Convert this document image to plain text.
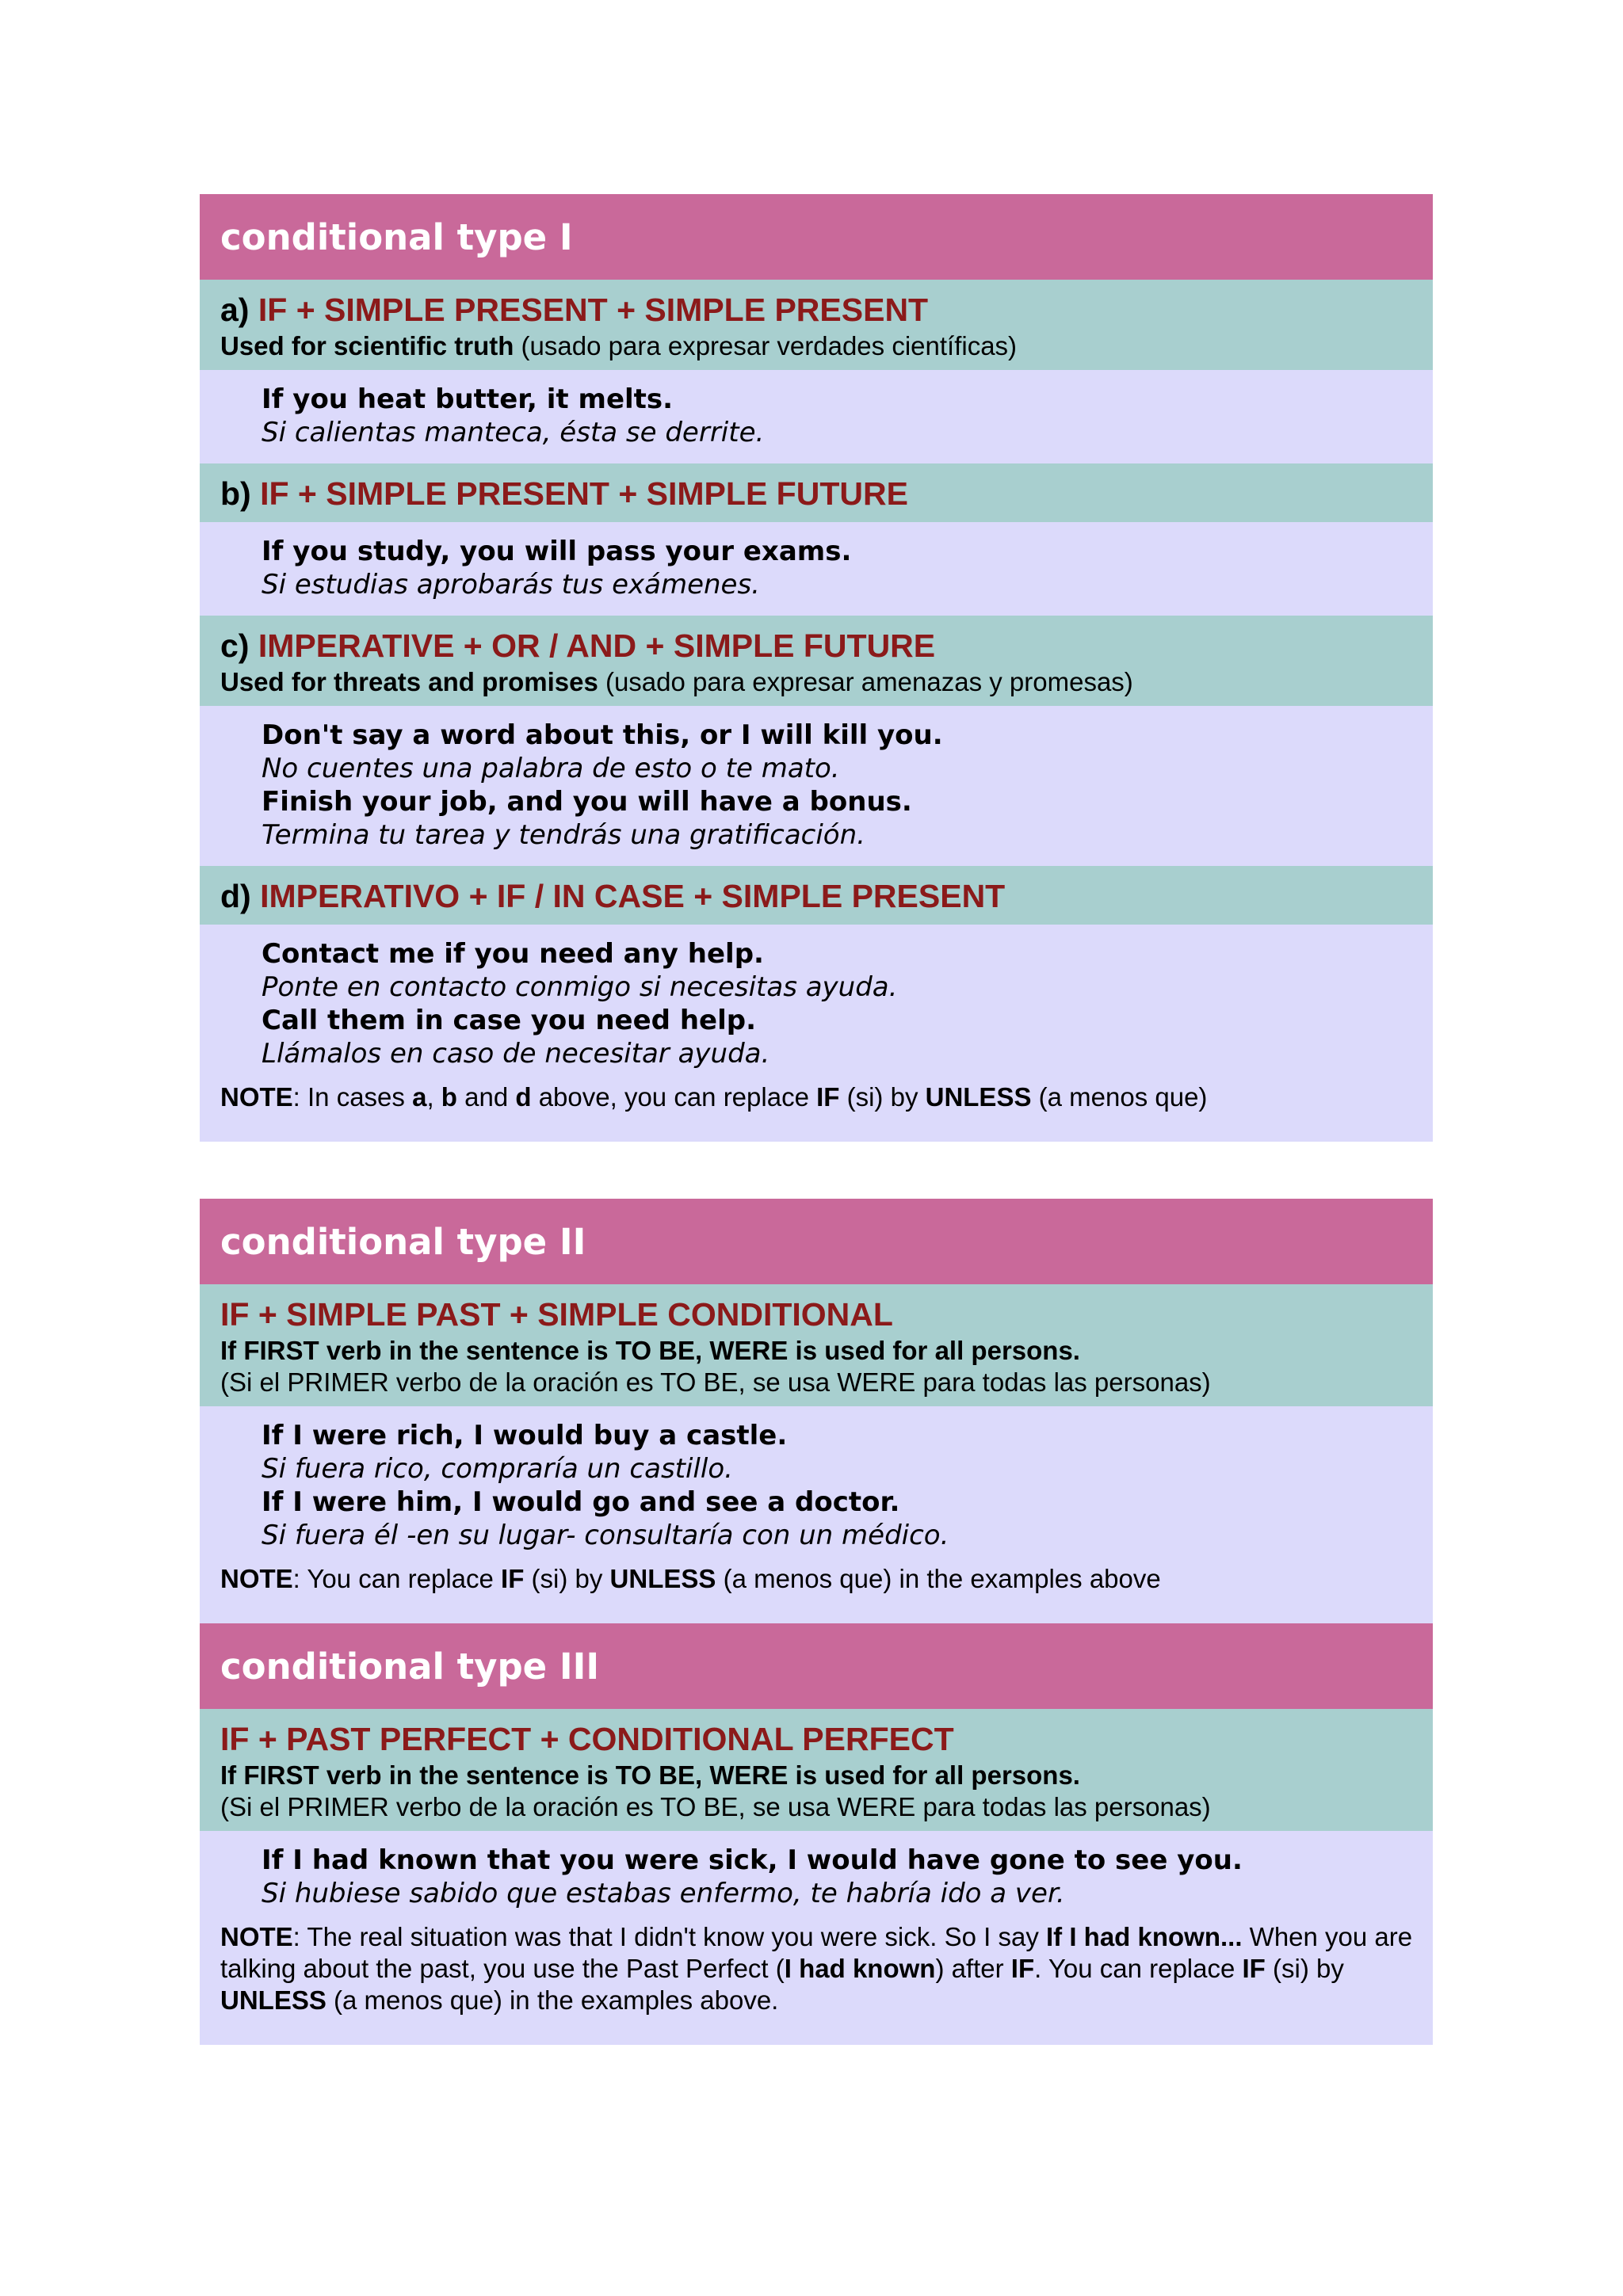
conditional type I
a) IF + SIMPLE PRESENT + SIMPLE PRESENT
Used for scientific truth (usado para expresar verdades científicas)
If you heat butter, it melts.
Si calientas manteca, ésta se derrite.
b) IF + SIMPLE PRESENT + SIMPLE FUTURE
If you study, you will pass your exams.
Si estudias aprobarás tus exámenes.
c) IMPERATIVE + OR / AND + SIMPLE FUTURE
Used for threats and promises (usado para expresar amenazas y promesas)
Don't say a word about this, or I will kill you.
No cuentes una palabra de esto o te mato.
Finish your job, and you will have a bonus.
Termina tu tarea y tendrás una gratificación.
d) IMPERATIVO + IF / IN CASE + SIMPLE PRESENT
Contact me if you need any help.
Ponte en contacto conmigo si necesitas ayuda.
Call them in case you need help.
Llámalos en caso de necesitar ayuda.
NOTE: In cases a, b and d above, you can replace IF (si) by UNLESS (a menos que)
conditional type II
IF + SIMPLE PAST + SIMPLE CONDITIONAL
If FIRST verb in the sentence is TO BE, WERE is used for all persons.
(Si el PRIMER verbo de la oración es TO BE, se usa WERE para todas las personas)
If I were rich, I would buy a castle.
Si fuera rico, compraría un castillo.
If I were him, I would go and see a doctor.
Si fuera él -en su lugar- consultaría con un médico.
NOTE: You can replace IF (si) by UNLESS (a menos que) in the examples above
conditional type III
IF + PAST PERFECT + CONDITIONAL PERFECT
If FIRST verb in the sentence is TO BE, WERE is used for all persons.
(Si el PRIMER verbo de la oración es TO BE, se usa WERE para todas las personas)
If I had known that you were sick, I would have gone to see you.
Si hubiese sabido que estabas enfermo, te habría ido a ver.
NOTE: The real situation was that I didn't know you were sick. So I say If I had known... When you are talking about the past, you use the Past Perfect (I had known) after IF. You can replace IF (si) by UNLESS (a menos que) in the examples above.
